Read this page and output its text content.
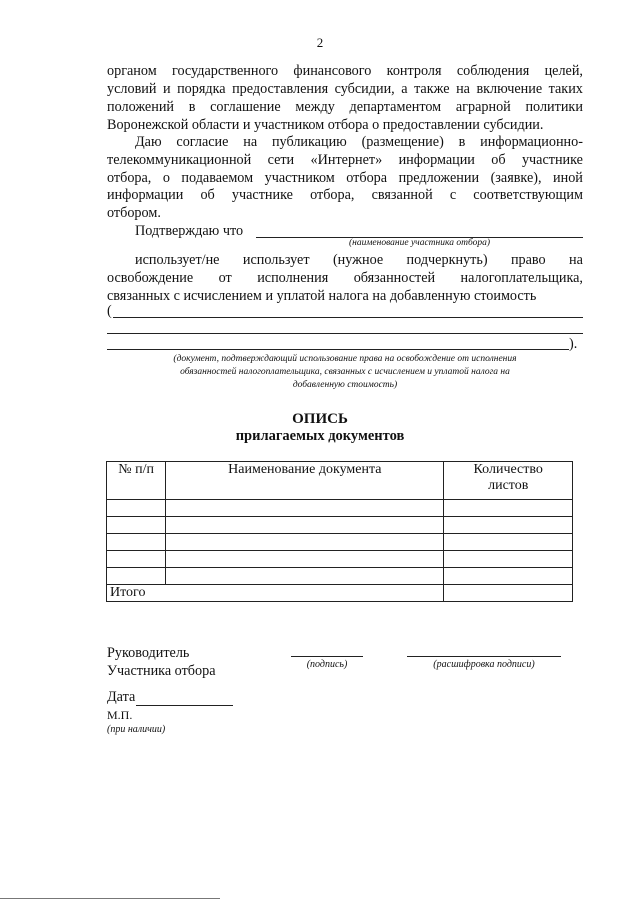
2
органом государственного финансового контроля соблюдения целей,
условий и порядка предоставления субсидии, а также на включение таких
положений в соглашение между департаментом аграрной политики
Воронежской области и участником отбора о предоставлении субсидии.
Даю согласие на публикацию (размещение) в информационно-
телекоммуникационной сети «Интернет» информации об участнике
отбора, о подаваемом участником отбора предложении (заявке), иной
информации об участнике отбора, связанной с соответствующим
отбором.
Подтверждаю что
(наименование участника отбора)
использует/не использует (нужное подчеркнуть) право на
освобождение от исполнения обязанностей налогоплательщика,
связанных с исчислением и уплатой налога на добавленную стоимость
(
).
(документ, подтверждающий использование права на освобождение от исполнения
обязанностей налогоплательщика, связанных с исчислением и уплатой налога на
добавленную стоимость)
ОПИСЬ
прилагаемых документов
№ п/п	Наименование документа	Количество
листов

Итого		
Руководитель
Участника отбора	(подпись)	(расшифровка подписи)
Дата
М.П.
(при наличии)
